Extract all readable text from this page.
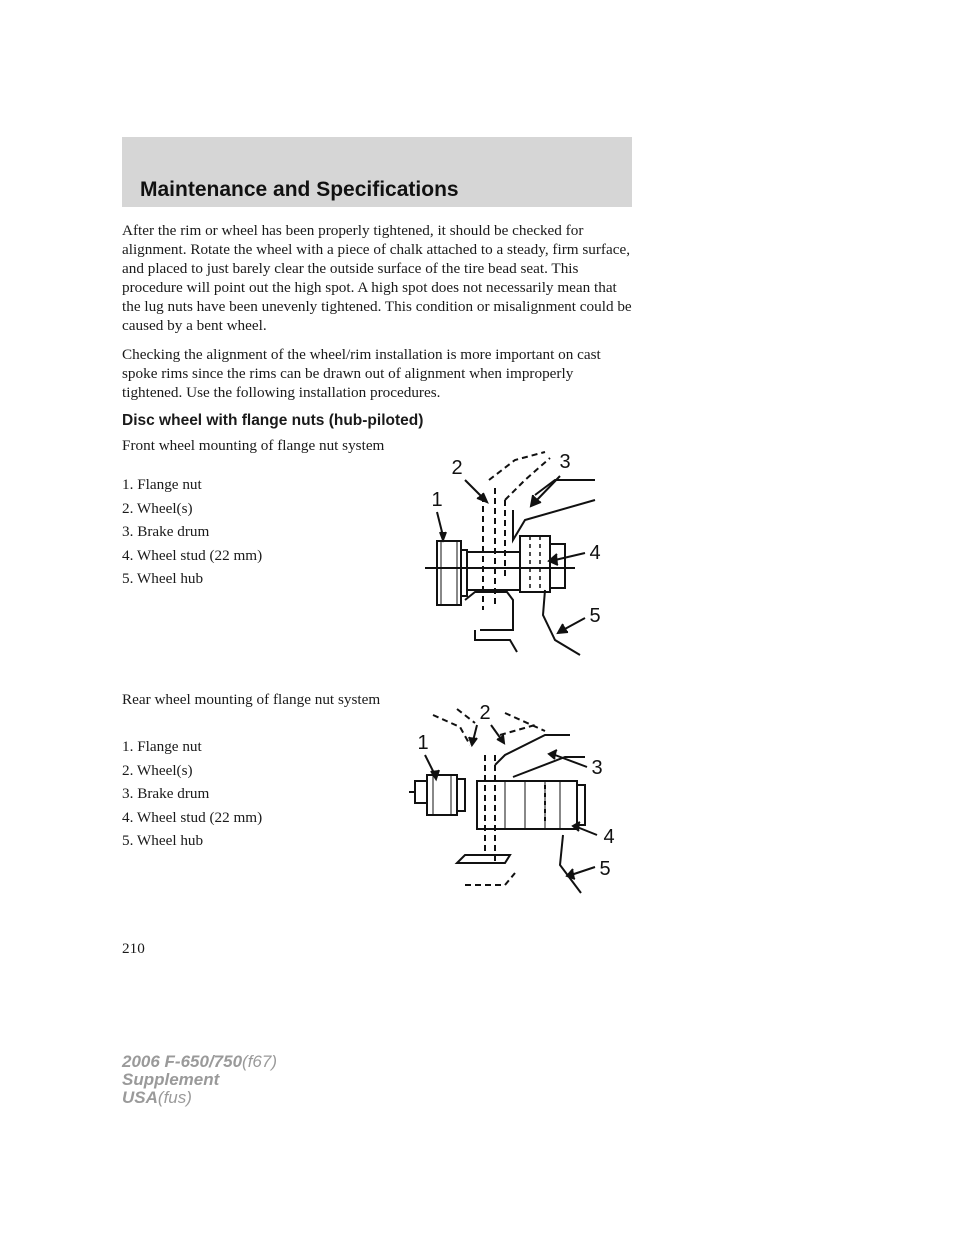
Maintenance and Specifications

After the rim or wheel has been properly tightened, it should be checked for alignment. Rotate the wheel with a piece of chalk attached to a steady, firm surface, and placed to just barely clear the outside surface of the tire bead seat. This procedure will point out the high spot. A high spot does not necessarily mean that the lug nuts have been unevenly tightened. This condition or misalignment could be caused by a bent wheel.

Checking the alignment of the wheel/rim installation is more important on cast spoke rims since the rims can be drawn out of alignment when improperly tightened. Use the following installation procedures.

Disc wheel with flange nuts (hub-piloted)
Front wheel mounting of flange nut system
1. Flange nut
2. Wheel(s)
3. Brake drum
4. Wheel stud (22 mm)
5. Wheel hub
1
2	3
4
5
Rear wheel mounting of flange nut system
1. Flange nut
2. Wheel(s)
3. Brake drum
4. Wheel stud (22 mm)
5. Wheel hub
1
2
3
4
5
210
2006 F-650/750(f67)
Supplement
USA(fus)
